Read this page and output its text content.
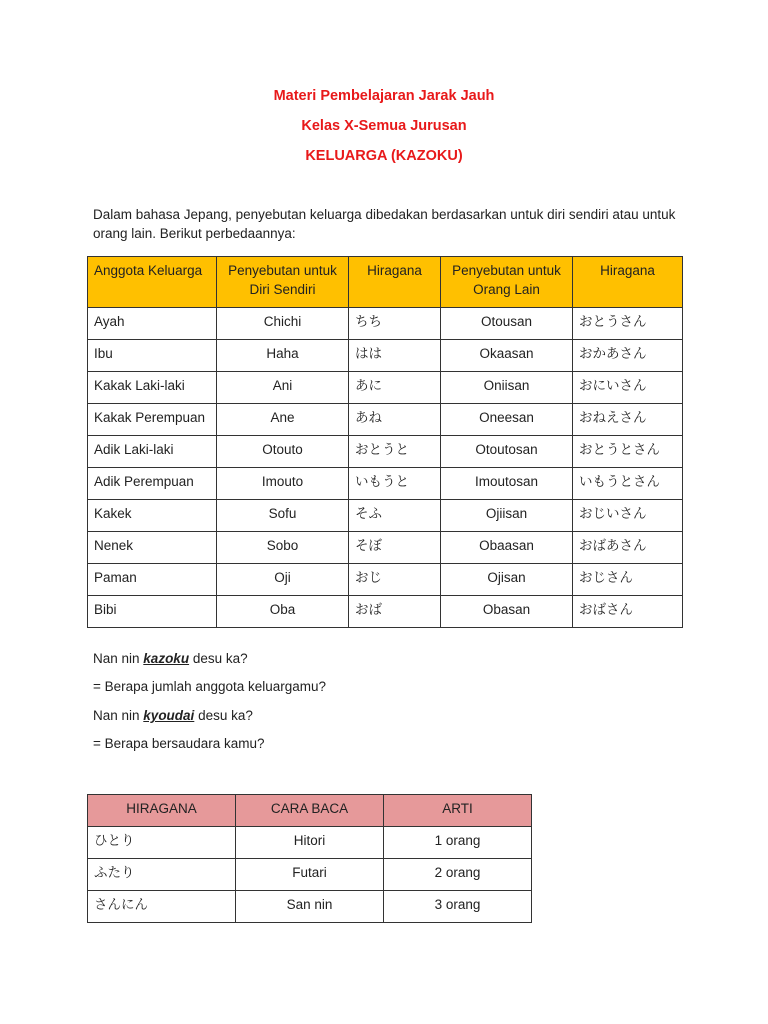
Materi Pembelajaran Jarak Jauh
Kelas X-Semua Jurusan
KELUARGA (KAZOKU)
Dalam bahasa Jepang, penyebutan keluarga dibedakan berdasarkan untuk diri sendiri atau untuk orang lain. Berikut perbedaannya:
Anggota Keluarga	Penyebutan untuk Diri Sendiri	Hiragana	Penyebutan untuk Orang Lain	Hiragana
Ayah	Chichi	ちち	Otousan	おとうさん
Ibu	Haha	はは	Okaasan	おかあさん
Kakak Laki-laki	Ani	あに	Oniisan	おにいさん
Kakak Perempuan	Ane	あね	Oneesan	おねえさん
Adik Laki-laki	Otouto	おとうと	Otoutosan	おとうとさん
Adik Perempuan	Imouto	いもうと	Imoutosan	いもうとさん
Kakek	Sofu	そふ	Ojiisan	おじいさん
Nenek	Sobo	そぼ	Obaasan	おばあさん
Paman	Oji	おじ	Ojisan	おじさん
Bibi	Oba	おば	Obasan	おばさん
Nan nin kazoku desu ka?
= Berapa jumlah anggota keluargamu?
Nan nin kyoudai desu ka?
= Berapa bersaudara kamu?
HIRAGANA	CARA BACA	ARTI
ひとり	Hitori	1 orang
ふたり	Futari	2 orang
さんにん	San nin	3 orang
